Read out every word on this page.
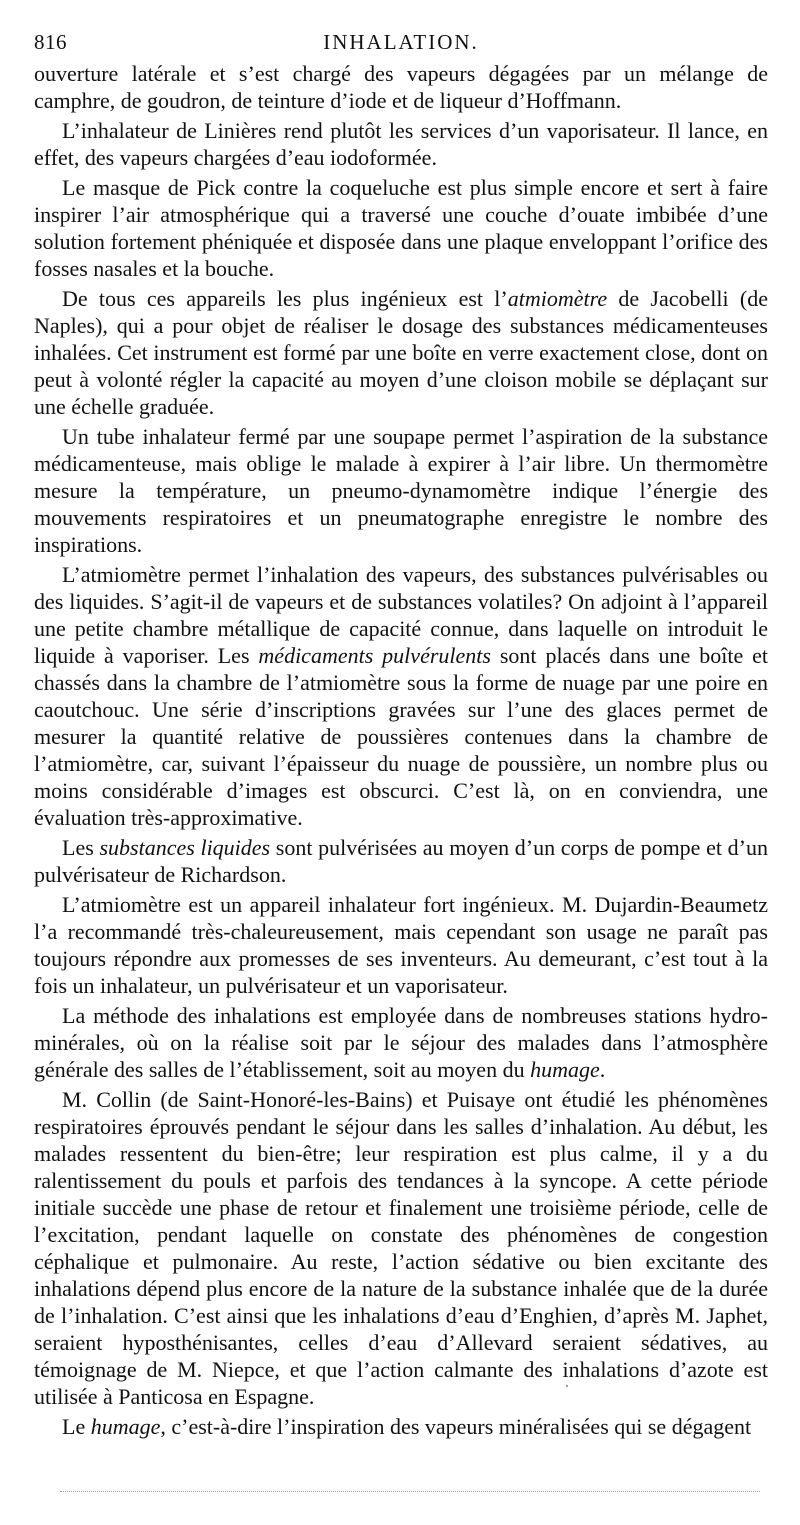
816	INHALATION.

ouverture latérale et s’est chargé des vapeurs dégagées par un mélange de camphre, de goudron, de teinture d’iode et de liqueur d’Hoffmann.

L’inhalateur de Linières rend plutôt les services d’un vaporisateur. Il lance, en effet, des vapeurs chargées d’eau iodoformée.

Le masque de Pick contre la coqueluche est plus simple encore et sert à faire inspirer l’air atmosphérique qui a traversé une couche d’ouate imbibée d’une solution fortement phéniquée et disposée dans une plaque enveloppant l’orifice des fosses nasales et la bouche.

De tous ces appareils les plus ingénieux est l’atmiomètre de Jacobelli (de Naples), qui a pour objet de réaliser le dosage des substances médicamenteuses inhalées. Cet instrument est formé par une boîte en verre exactement close, dont on peut à volonté régler la capacité au moyen d’une cloison mobile se déplaçant sur une échelle graduée.

Un tube inhalateur fermé par une soupape permet l’aspiration de la substance médicamenteuse, mais oblige le malade à expirer à l’air libre. Un thermomètre mesure la température, un pneumo-dynamomètre indique l’énergie des mouvements respiratoires et un pneumatographe enregistre le nombre des inspirations.

L’atmiomètre permet l’inhalation des vapeurs, des substances pulvérisables ou des liquides. S’agit-il de vapeurs et de substances volatiles? On adjoint à l’appareil une petite chambre métallique de capacité connue, dans laquelle on introduit le liquide à vaporiser. Les médicaments pulvérulents sont placés dans une boîte et chassés dans la chambre de l’atmiomètre sous la forme de nuage par une poire en caoutchouc. Une série d’inscriptions gravées sur l’une des glaces permet de mesurer la quantité relative de poussières contenues dans la chambre de l’atmiomètre, car, suivant l’épaisseur du nuage de poussière, un nombre plus ou moins considérable d’images est obscurci. C’est là, on en conviendra, une évaluation très-approximative.

Les substances liquides sont pulvérisées au moyen d’un corps de pompe et d’un pulvérisateur de Richardson.

L’atmiomètre est un appareil inhalateur fort ingénieux. M. Dujardin-Beaumetz l’a recommandé très-chaleureusement, mais cependant son usage ne paraît pas toujours répondre aux promesses de ses inventeurs. Au demeurant, c’est tout à la fois un inhalateur, un pulvérisateur et un vaporisateur.

La méthode des inhalations est employée dans de nombreuses stations hydro-minérales, où on la réalise soit par le séjour des malades dans l’atmosphère générale des salles de l’établissement, soit au moyen du humage.

M. Collin (de Saint-Honoré-les-Bains) et Puisaye ont étudié les phénomènes respiratoires éprouvés pendant le séjour dans les salles d’inhalation. Au début, les malades ressentent du bien-être; leur respiration est plus calme, il y a du ralentissement du pouls et parfois des tendances à la syncope. A cette période initiale succède une phase de retour et finalement une troisième période, celle de l’excitation, pendant laquelle on constate des phénomènes de congestion céphalique et pulmonaire. Au reste, l’action sédative ou bien excitante des inhalations dépend plus encore de la nature de la substance inhalée que de la durée de l’inhalation. C’est ainsi que les inhalations d’eau d’Enghien, d’après M. Japhet, seraient hyposthénisantes, celles d’eau d’Allevard seraient sédatives, au témoignage de M. Niepce, et que l’action calmante des inhalations d’azote est utilisée à Panticosa en Espagne.

Le humage, c’est-à-dire l’inspiration des vapeurs minéralisées qui se dégagent
